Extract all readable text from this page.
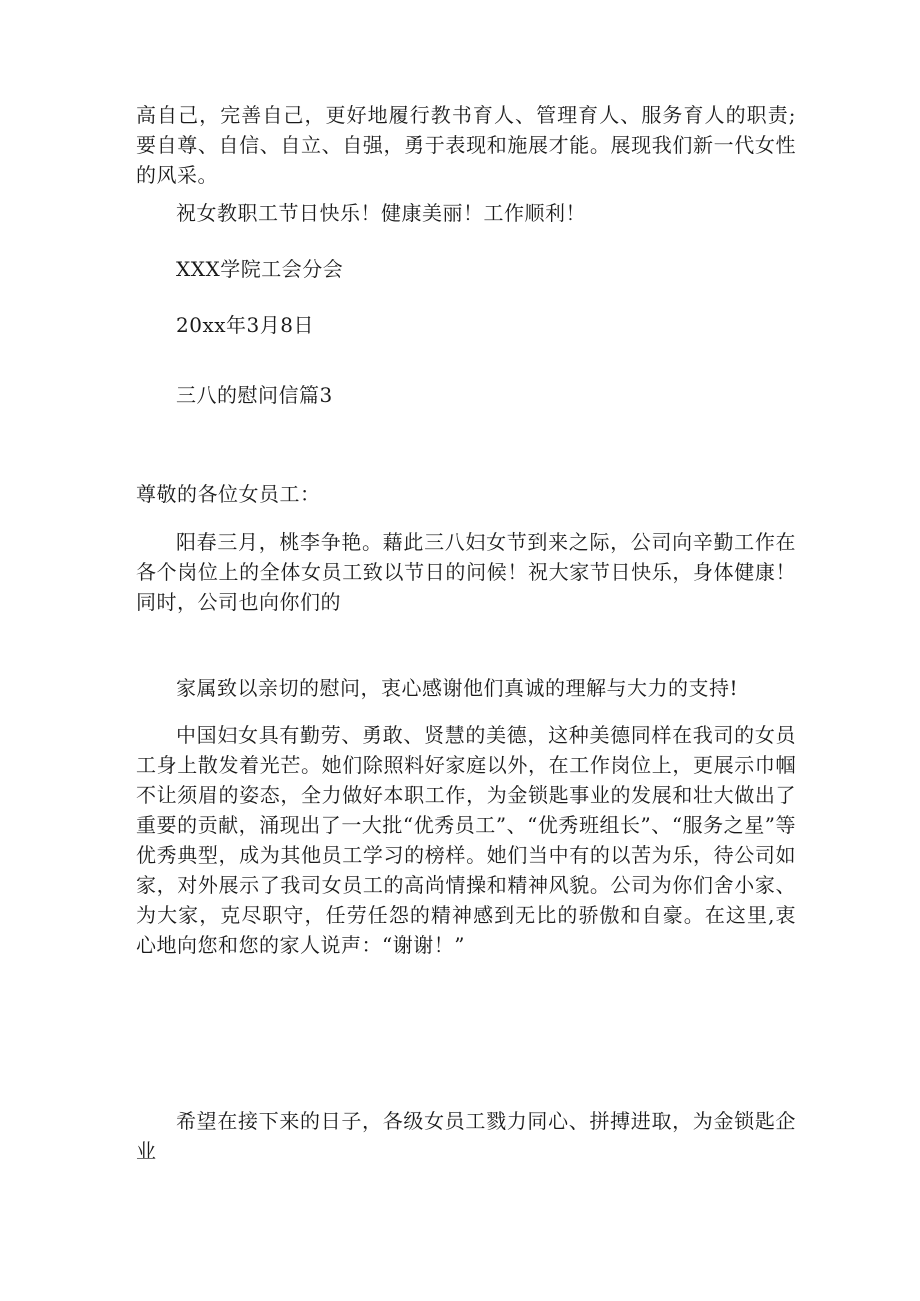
高自己，完善自己，更好地履行教书育人、管理育人、服务育人的职责;要自尊、自信、自立、自强，勇于表现和施展才能。展现我们新一代女性的风采。

祝女教职工节日快乐！健康美丽！工作顺利！

XXX学院工会分会

20xx年3月8日

三八的慰问信篇3

尊敬的各位女员工：

阳春三月，桃李争艳。藉此三八妇女节到来之际，公司向辛勤工作在各个岗位上的全体女员工致以节日的问候！祝大家节日快乐，身体健康！同时，公司也向你们的

家属致以亲切的慰问，衷心感谢他们真诚的理解与大力的支持!

中国妇女具有勤劳、勇敢、贤慧的美德，这种美德同样在我司的女员工身上散发着光芒。她们除照料好家庭以外，在工作岗位上，更展示巾帼不让须眉的姿态，全力做好本职工作，为金锁匙事业的发展和壮大做出了重要的贡献，涌现出了一大批“优秀员工”、“优秀班组长”、“服务之星”等优秀典型，成为其他员工学习的榜样。她们当中有的以苦为乐，待公司如家，对外展示了我司女员工的高尚情操和精神风貌。公司为你们舍小家、为大家，克尽职守，任劳任怨的精神感到无比的骄傲和自豪。在这里,衷心地向您和您的家人说声：“谢谢！”

希望在接下来的日子，各级女员工戮力同心、拼搏进取，为金锁匙企业
